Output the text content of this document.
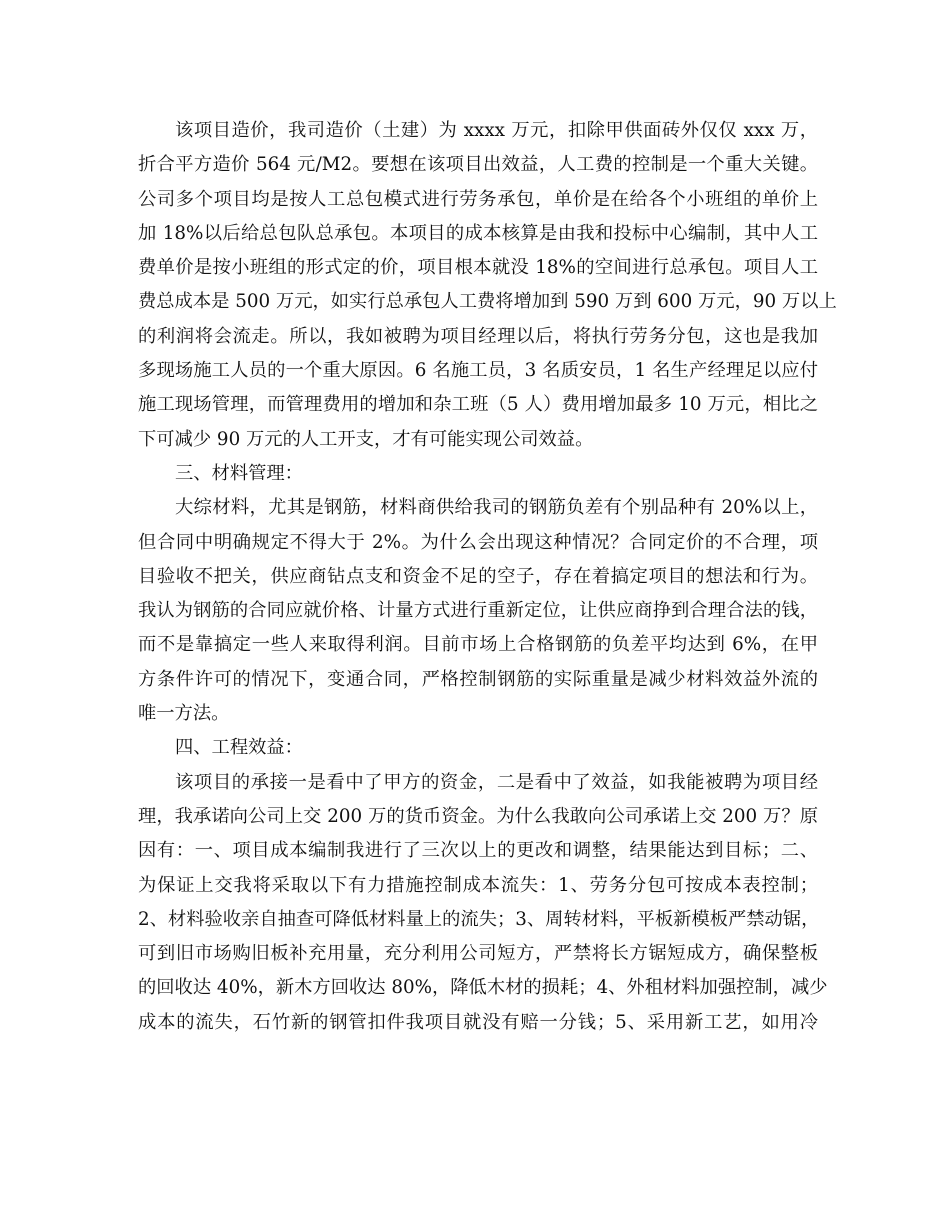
该项目造价，我司造价（土建）为 xxxx 万元，扣除甲供面砖外仅仅 xxx 万，
折合平方造价 564 元/M2。要想在该项目出效益，人工费的控制是一个重大关键。
公司多个项目均是按人工总包模式进行劳务承包，单价是在给各个小班组的单价上
加 18%以后给总包队总承包。本项目的成本核算是由我和投标中心编制，其中人工
费单价是按小班组的形式定的价，项目根本就没 18%的空间进行总承包。项目人工
费总成本是 500 万元，如实行总承包人工费将增加到 590 万到 600 万元，90 万以上
的利润将会流走。所以，我如被聘为项目经理以后，将执行劳务分包，这也是我加
多现场施工人员的一个重大原因。6 名施工员，3 名质安员，1 名生产经理足以应付
施工现场管理，而管理费用的增加和杂工班（5 人）费用增加最多 10 万元，相比之
下可减少 90 万元的人工开支，才有可能实现公司效益。
三、材料管理：
大综材料，尤其是钢筋，材料商供给我司的钢筋负差有个别品种有 20%以上，
但合同中明确规定不得大于 2%。为什么会出现这种情况？合同定价的不合理，项
目验收不把关，供应商钻点支和资金不足的空子，存在着搞定项目的想法和行为。
我认为钢筋的合同应就价格、计量方式进行重新定位，让供应商挣到合理合法的钱，
而不是靠搞定一些人来取得利润。目前市场上合格钢筋的负差平均达到 6%，在甲
方条件许可的情况下，变通合同，严格控制钢筋的实际重量是减少材料效益外流的
唯一方法。
四、工程效益：
该项目的承接一是看中了甲方的资金，二是看中了效益，如我能被聘为项目经
理，我承诺向公司上交 200 万的货币资金。为什么我敢向公司承诺上交 200 万？原
因有：一、项目成本编制我进行了三次以上的更改和调整，结果能达到目标；二、
为保证上交我将采取以下有力措施控制成本流失：1、劳务分包可按成本表控制；
2、材料验收亲自抽查可降低材料量上的流失；3、周转材料，平板新模板严禁动锯，
可到旧市场购旧板补充用量，充分利用公司短方，严禁将长方锯短成方，确保整板
的回收达 40%，新木方回收达 80%，降低木材的损耗；4、外租材料加强控制，减少
成本的流失，石竹新的钢管扣件我项目就没有赔一分钱；5、采用新工艺，如用冷
